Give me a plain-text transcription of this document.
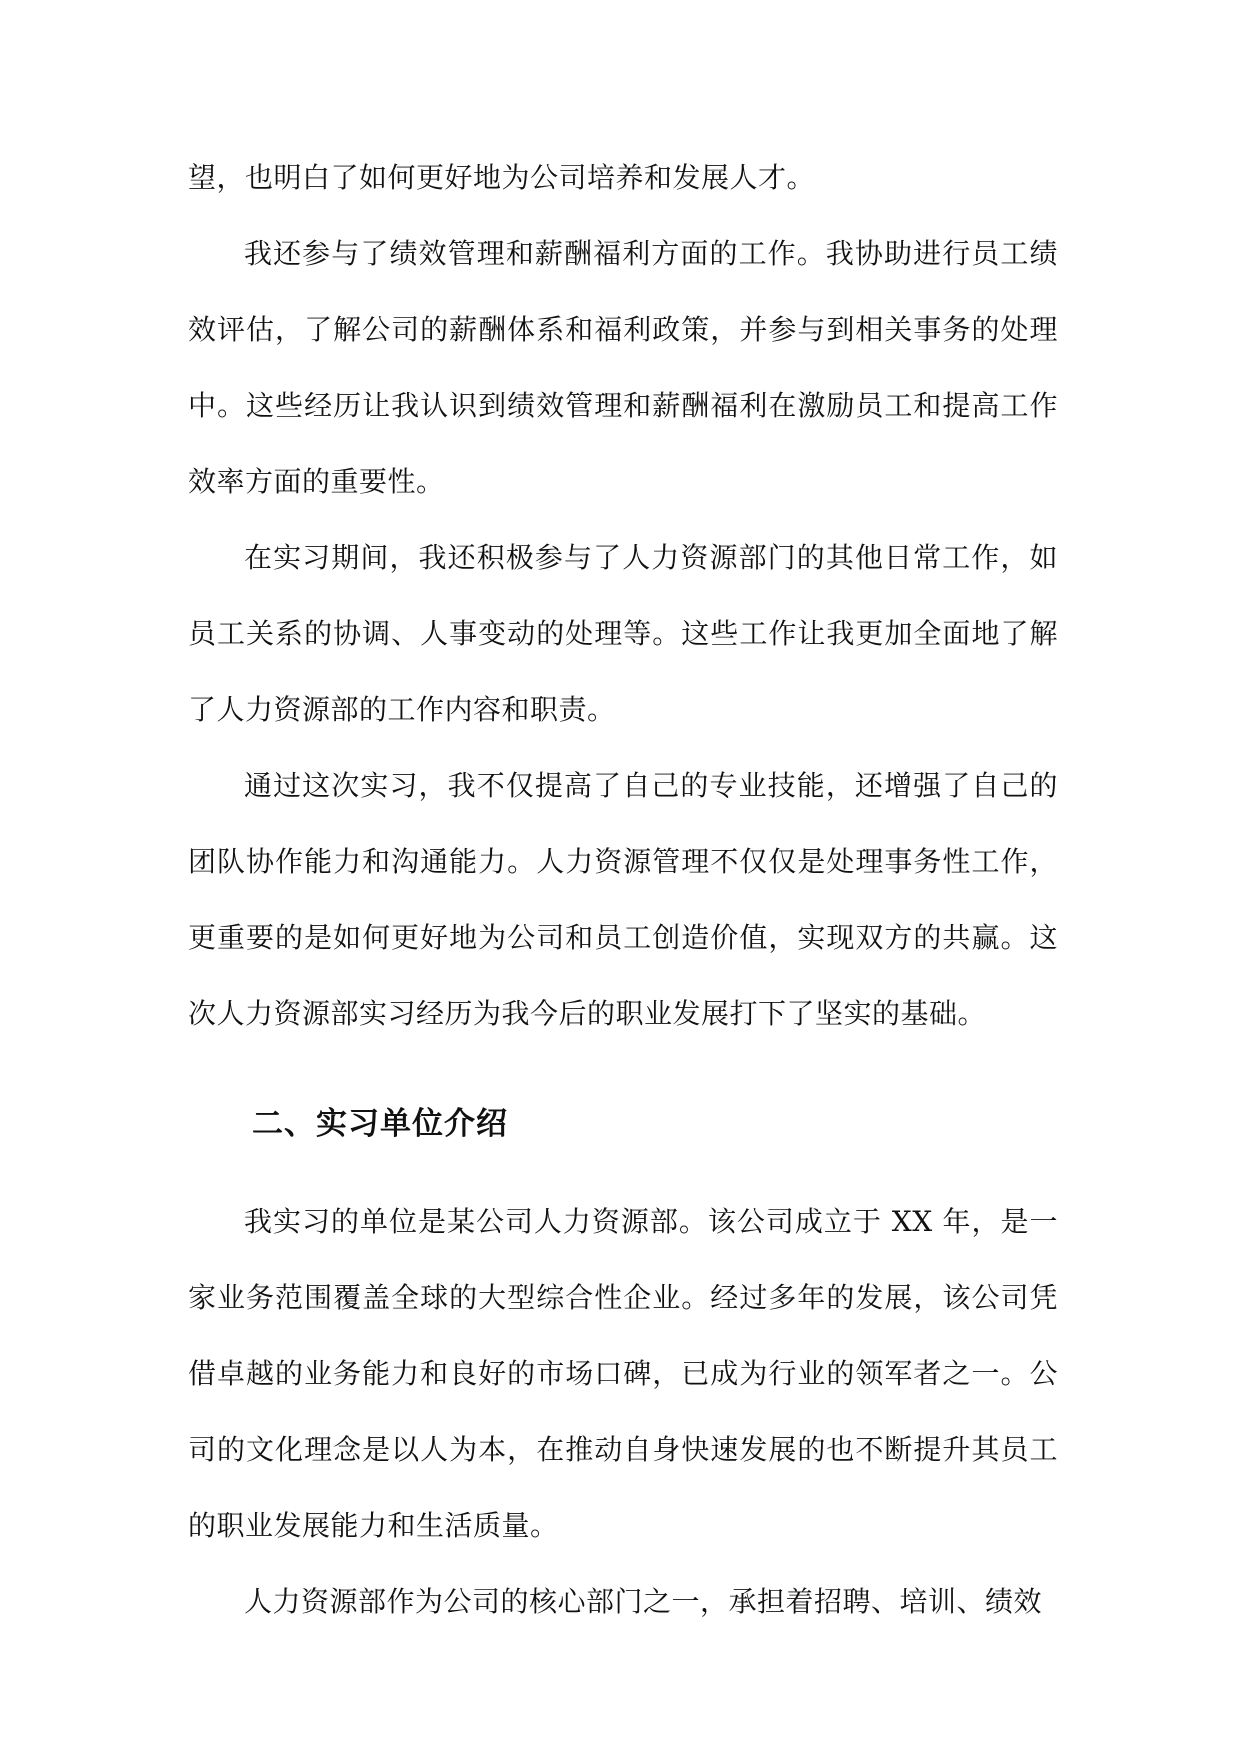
望，也明白了如何更好地为公司培养和发展人才。

我还参与了绩效管理和薪酬福利方面的工作。我协助进行员工绩效评估，了解公司的薪酬体系和福利政策，并参与到相关事务的处理中。这些经历让我认识到绩效管理和薪酬福利在激励员工和提高工作效率方面的重要性。

在实习期间，我还积极参与了人力资源部门的其他日常工作，如员工关系的协调、人事变动的处理等。这些工作让我更加全面地了解了人力资源部的工作内容和职责。

通过这次实习，我不仅提高了自己的专业技能，还增强了自己的团队协作能力和沟通能力。人力资源管理不仅仅是处理事务性工作，更重要的是如何更好地为公司和员工创造价值，实现双方的共赢。这次人力资源部实习经历为我今后的职业发展打下了坚实的基础。

二、实习单位介绍

我实习的单位是某公司人力资源部。该公司成立于 XX 年，是一家业务范围覆盖全球的大型综合性企业。经过多年的发展，该公司凭借卓越的业务能力和良好的市场口碑，已成为行业的领军者之一。公司的文化理念是以人为本，在推动自身快速发展的也不断提升其员工的职业发展能力和生活质量。

人力资源部作为公司的核心部门之一，承担着招聘、培训、绩效
